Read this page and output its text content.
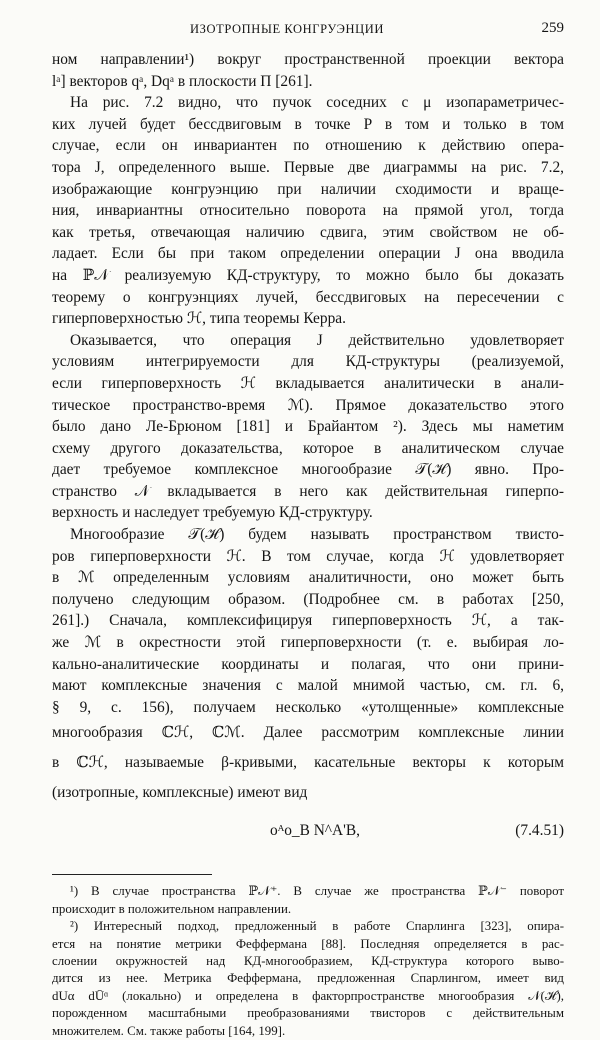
ИЗОТРОПНЫЕ КОНГРУЭНЦИИ	259
ном направлении¹) вокруг пространственной проекции вектора
lᵃ] векторов qᵃ, Dqᵃ в плоскости Π [261].
На рис. 7.2 видно, что пучок соседних с μ изопараметричес-
ких лучей будет бессдвиговым в точке P в том и только в том
случае, если он инвариантен по отношению к действию опера-
тора J, определенного выше. Первые две диаграммы на рис. 7.2,
изображающие конгруэнцию при наличии сходимости и враще-
ния, инвариантны относительно поворота на прямой угол, тогда
как третья, отвечающая наличию сдвига, этим свойством не об-
ладает. Если бы при таком определении операции J она вводила
на ℙ𝒩 реализуемую КД-структуру, то можно было бы доказать
теорему о конгруэнциях лучей, бессдвиговых на пересечении с
гиперповерхностью ℋ, типа теоремы Керра.
Оказывается, что операция J действительно удовлетворяет
условиям интегрируемости для КД-структуры (реализуемой,
если гиперповерхность ℋ вкладывается аналитически в анали-
тическое пространство-время ℳ). Прямое доказательство этого
было дано Ле-Брюном [181] и Брайантом ²). Здесь мы наметим
схему другого доказательства, которое в аналитическом случае
дает требуемое комплексное многообразие 𝒯(ℋ) явно. Про-
странство 𝒩 вкладывается в него как действительная гиперпо-
верхность и наследует требуемую КД-структуру.
Многообразие 𝒯(ℋ) будем называть пространством твисто-
ров гиперповерхности ℋ. В том случае, когда ℋ удовлетворяет
в ℳ определенным условиям аналитичности, оно может быть
получено следующим образом. (Подробнее см. в работах [250,
261].) Сначала, комплексифицируя гиперповерхность ℋ, а так-
же ℳ в окрестности этой гиперповерхности (т. е. выбирая ло-
кально-аналитические координаты и полагая, что они прини-
мают комплексные значения с малой мнимой частью, см. гл. 6,
§ 9, с. 156), получаем несколько «утолщенные» комплексные
многообразия ℂℋ, ℂℳ. Далее рассмотрим комплексные линии
в ℂℋ, называемые β-кривыми, касательные векторы к которым
(изотропные, комплексные) имеют вид
oᴬo_B N^A'B,	(7.4.51)
¹) В случае пространства ℙ𝒩⁺. В случае же пространства ℙ𝒩⁻ поворот
происходит в положительном направлении.
²) Интересный подход, предложенный в работе Спарлинга [323], опира-
ется на понятие метрики Феффермана [88]. Последняя определяется в рас-
слоении окружностей над КД-многообразием, КД-структура которого выво-
дится из нее. Метрика Феффермана, предложенная Спарлингом, имеет вид
dUα dŪᵅ (локально) и определена в факторпространстве многообразия 𝒩(ℋ),
порожденном масштабными преобразованиями твисторов с действительным
множителем. См. также работы [164, 199].
